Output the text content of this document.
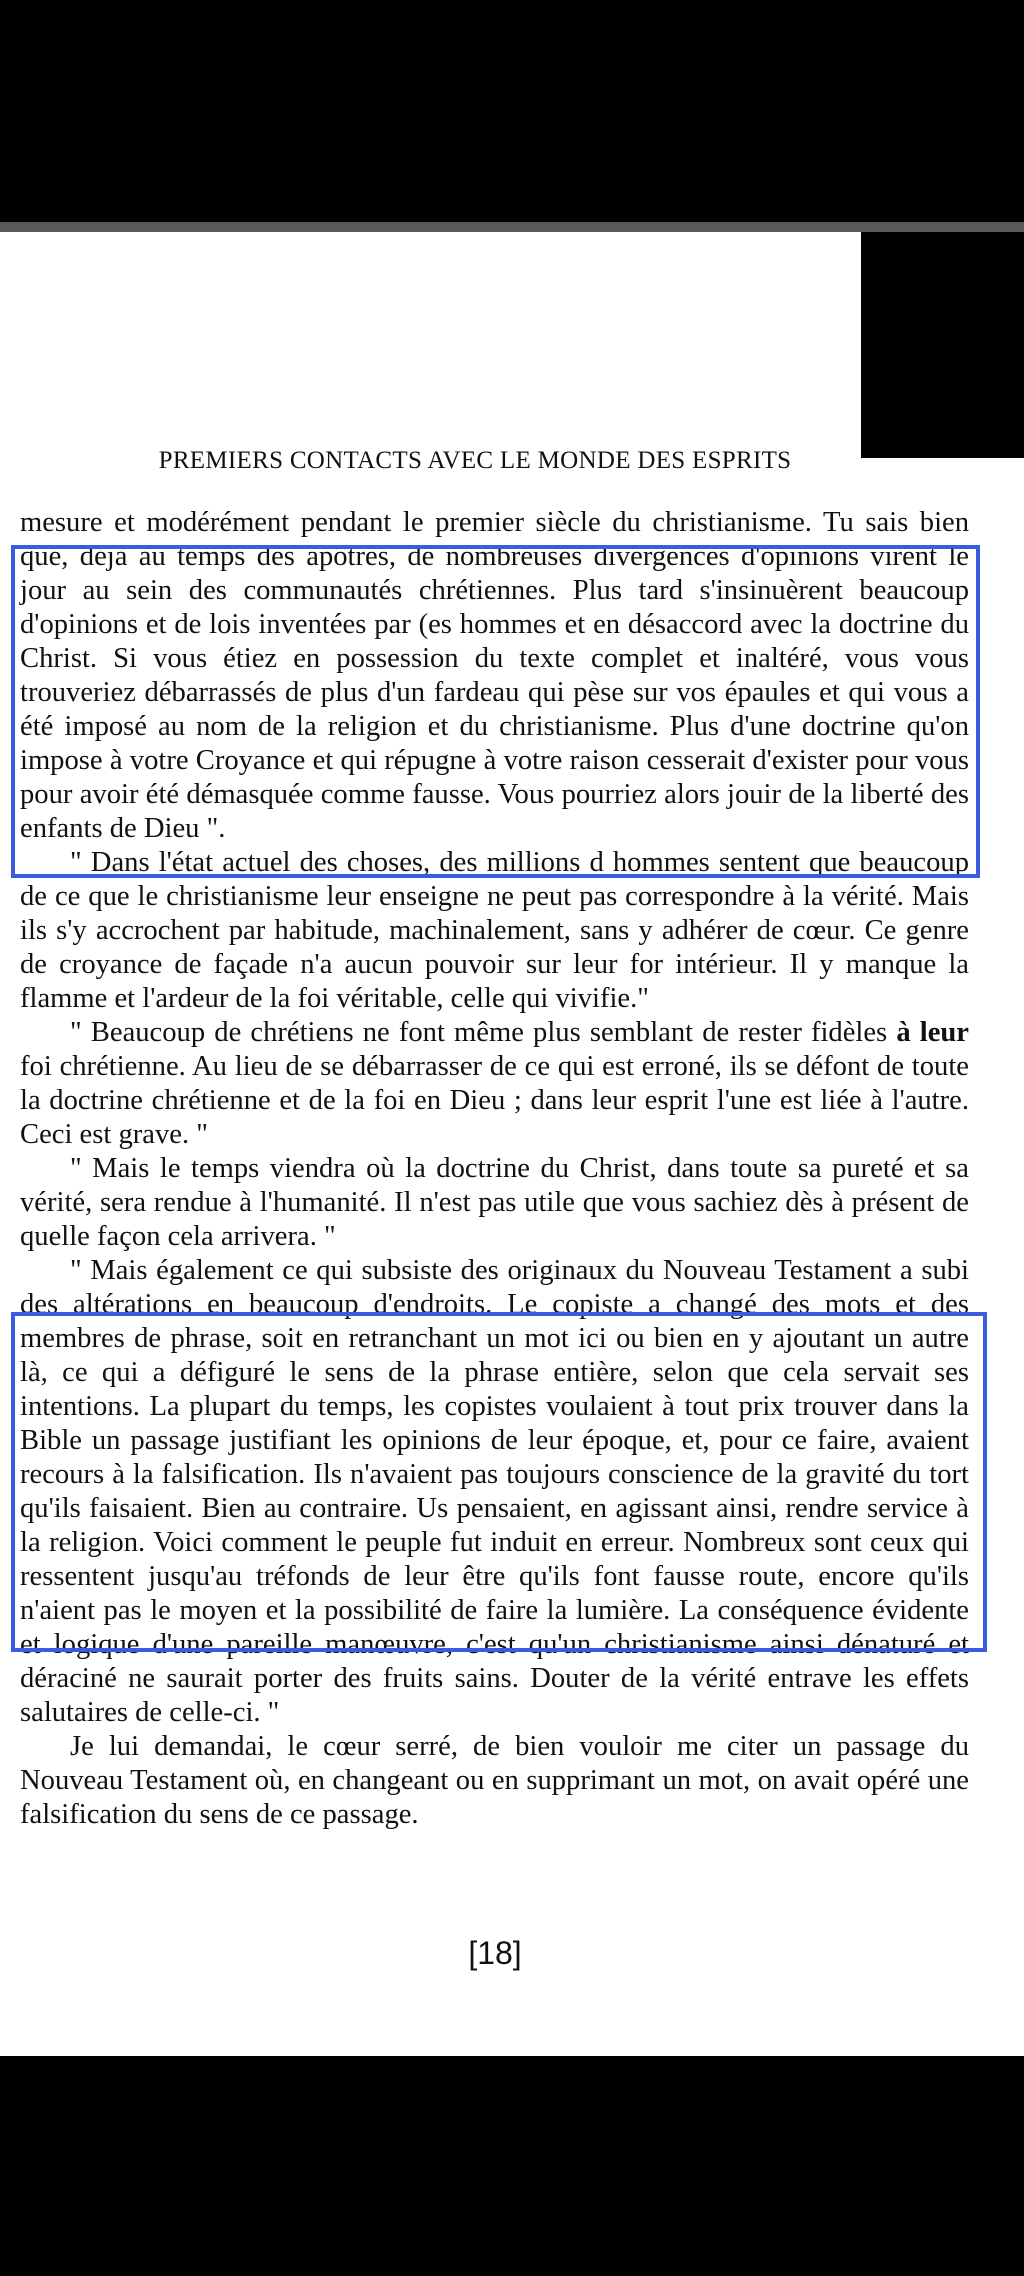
PREMIERS CONTACTS AVEC LE MONDE DES ESPRITS

mesure et modérément pendant le premier siècle du christianisme. Tu sais bien que, déjà au temps des apôtres, de nombreuses divergences d'opinions virent le jour au sein des communautés chrétiennes. Plus tard s'insinuèrent beaucoup d'opinions et de lois inventées par (es hommes et en désaccord avec la doctrine du Christ. Si vous étiez en possession du texte complet et inaltéré, vous vous trouveriez débarrassés de plus d'un fardeau qui pèse sur vos épaules et qui vous a été imposé au nom de la religion et du christianisme. Plus d'une doctrine qu'on impose à votre Croyance et qui répugne à votre raison cesserait d'exister pour vous pour avoir été démasquée comme fausse. Vous pourriez alors jouir de la liberté des enfants de Dieu ".

" Dans l'état actuel des choses, des millions d hommes sentent que beaucoup de ce que le christianisme leur enseigne ne peut pas correspondre à la vérité. Mais ils s'y accrochent par habitude, machinalement, sans y adhérer de cœur. Ce genre de croyance de façade n'a aucun pouvoir sur leur for intérieur. Il y manque la flamme et l'ardeur de la foi véritable, celle qui vivifie."

" Beaucoup de chrétiens ne font même plus semblant de rester fidèles à leur foi chrétienne. Au lieu de se débarrasser de ce qui est erroné, ils se défont de toute la doctrine chrétienne et de la foi en Dieu ; dans leur esprit l'une est liée à l'autre. Ceci est grave. "

" Mais le temps viendra où la doctrine du Christ, dans toute sa pureté et sa vérité, sera rendue à l'humanité. Il n'est pas utile que vous sachiez dès à présent de quelle façon cela arrivera. "

" Mais également ce qui subsiste des originaux du Nouveau Testament a subi des altérations en beaucoup d'endroits. Le copiste a changé des mots et des membres de phrase, soit en retranchant un mot ici ou bien en y ajoutant un autre là, ce qui a défiguré le sens de la phrase entière, selon que cela servait ses intentions. La plupart du temps, les copistes voulaient à tout prix trouver dans la Bible un passage justifiant les opinions de leur époque, et, pour ce faire, avaient recours à la falsification. Ils n'avaient pas toujours conscience de la gravité du tort qu'ils faisaient. Bien au contraire. Us pensaient, en agissant ainsi, rendre service à la religion. Voici comment le peuple fut induit en erreur. Nombreux sont ceux qui ressentent jusqu'au tréfonds de leur être qu'ils font fausse route, encore qu'ils n'aient pas le moyen et la possibilité de faire la lumière. La conséquence évidente et logique d'une pareille manœuvre, c'est qu'un christianisme ainsi dénaturé et déraciné ne saurait porter des fruits sains. Douter de la vérité entrave les effets salutaires de celle-ci. "

Je lui demandai, le cœur serré, de bien vouloir me citer un passage du Nouveau Testament où, en changeant ou en supprimant un mot, on avait opéré une falsification du sens de ce passage.

[18]
